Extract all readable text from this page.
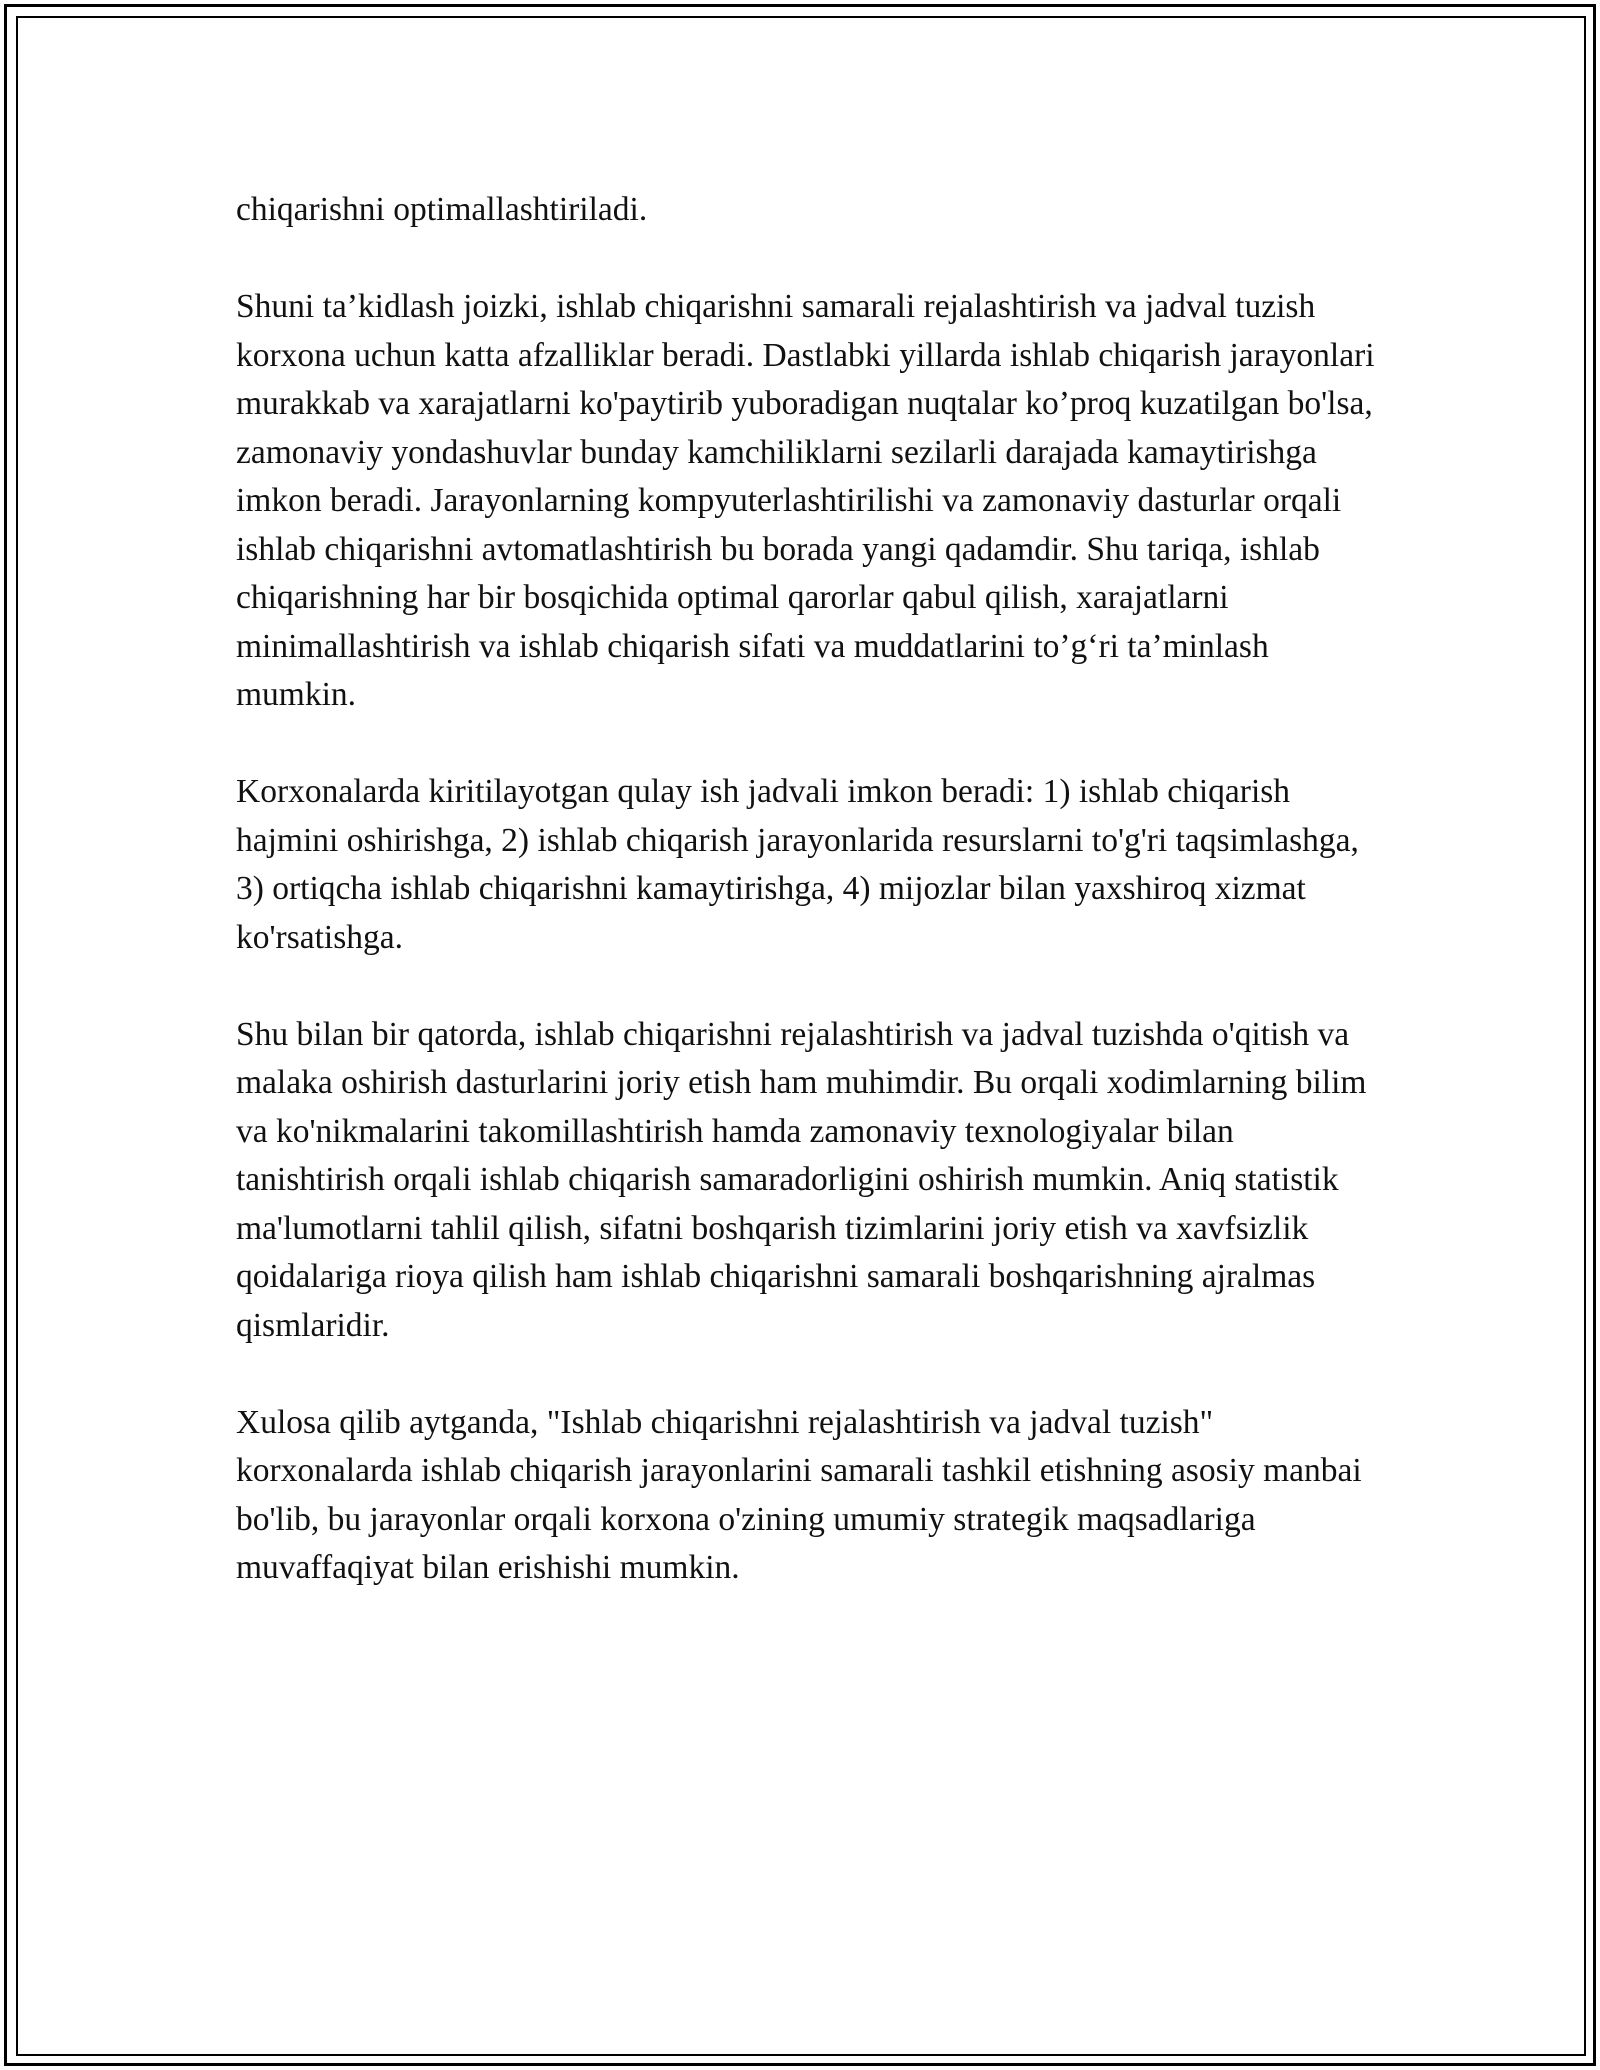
chiqarishni optimallashtiriladi.

Shuni ta’kidlash joizki, ishlab chiqarishni samarali rejalashtirish va jadval tuzish korxona uchun katta afzalliklar beradi. Dastlabki yillarda ishlab chiqarish jarayonlari murakkab va xarajatlarni ko'paytirib yuboradigan nuqtalar ko’proq kuzatilgan bo'lsa, zamonaviy yondashuvlar bunday kamchiliklarni sezilarli darajada kamaytirishga imkon beradi. Jarayonlarning kompyuterlashtirilishi va zamonaviy dasturlar orqali ishlab chiqarishni avtomatlashtirish bu borada yangi qadamdir. Shu tariqa, ishlab chiqarishning har bir bosqichida optimal qarorlar qabul qilish, xarajatlarni minimallashtirish va ishlab chiqarish sifati va muddatlarini to’g‘ri ta’minlash mumkin.

Korxonalarda kiritilayotgan qulay ish jadvali imkon beradi: 1) ishlab chiqarish hajmini oshirishga, 2) ishlab chiqarish jarayonlarida resurslarni to'g'ri taqsimlashga, 3) ortiqcha ishlab chiqarishni kamaytirishga, 4) mijozlar bilan yaxshiroq xizmat ko'rsatishga.

Shu bilan bir qatorda, ishlab chiqarishni rejalashtirish va jadval tuzishda o'qitish va malaka oshirish dasturlarini joriy etish ham muhimdir. Bu orqali xodimlarning bilim va ko'nikmalarini takomillashtirish hamda zamonaviy texnologiyalar bilan tanishtirish orqali ishlab chiqarish samaradorligini oshirish mumkin. Aniq statistik ma'lumotlarni tahlil qilish, sifatni boshqarish tizimlarini joriy etish va xavfsizlik qoidalariga rioya qilish ham ishlab chiqarishni samarali boshqarishning ajralmas qismlaridir.

Xulosa qilib aytganda, "Ishlab chiqarishni rejalashtirish va jadval tuzish" korxonalarda ishlab chiqarish jarayonlarini samarali tashkil etishning asosiy manbai bo'lib, bu jarayonlar orqali korxona o'zining umumiy strategik maqsadlariga muvaffaqiyat bilan erishishi mumkin.
